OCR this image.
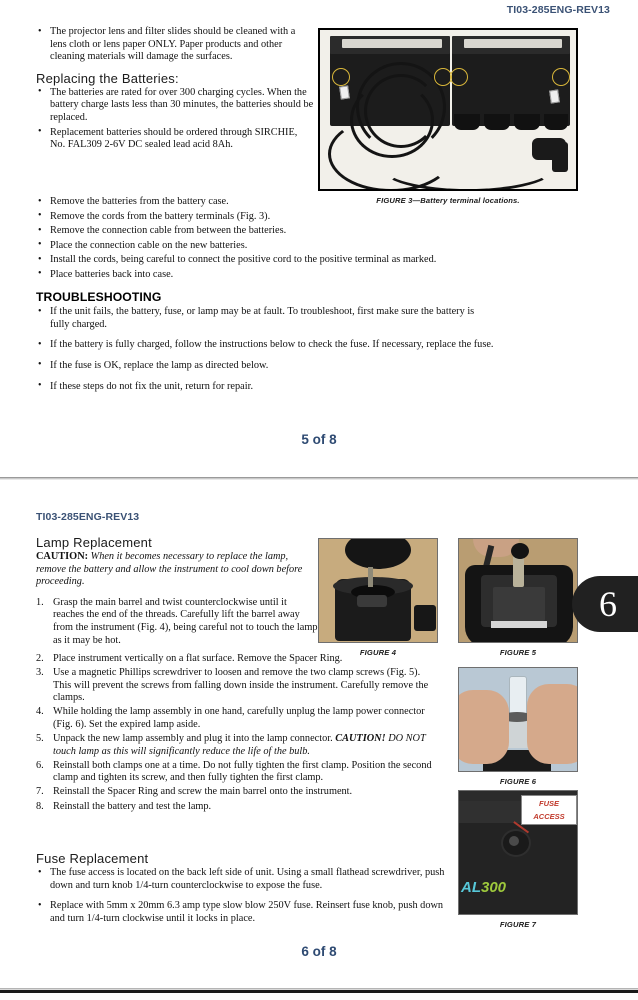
TI03-285ENG-REV13
• The projector lens and filter slides should be cleaned with a lens cloth or lens paper ONLY. Paper products and other cleaning materials will damage the surfaces.
Replacing the Batteries:
• The batteries are rated for over 300 charging cycles. When the battery charge lasts less than 30 minutes, the batteries should be replaced.
• Replacement batteries should be ordered through SIRCHIE, No. FAL309 2-6V DC sealed lead acid 8Ah.
• Remove the batteries from the battery case.
• Remove the cords from the battery terminals (Fig. 3).
• Remove the connection cable from between the batteries.
• Place the connection cable on the new batteries.
• Install the cords, being careful to connect the positive cord to the positive terminal as marked.
• Place batteries back into case.
TROUBLESHOOTING
• If the unit fails, the battery, fuse, or lamp may be at fault. To troubleshoot, first make sure the battery is fully charged.
• If the battery is fully charged, follow the instructions below to check the fuse. If necessary, replace the fuse.
• If the fuse is OK, replace the lamp as directed below.
• If these steps do not fix the unit, return for repair.
FIGURE 3—Battery terminal locations.
5 of 8
TI03-285ENG-REV13
Lamp Replacement
CAUTION: When it becomes necessary to replace the lamp, remove the battery and allow the instrument to cool down before proceeding.
Grasp the main barrel and twist counterclockwise until it reaches the end of the threads. Carefully lift the barrel away from the instrument (Fig. 4), being careful not to touch the lamp as it may be hot.
Place instrument vertically on a flat surface. Remove the Spacer Ring.
Use a magnetic Phillips screwdriver to loosen and remove the two clamp screws (Fig. 5). This will prevent the screws from falling down inside the instrument. Carefully remove the clamps.
While holding the lamp assembly in one hand, carefully unplug the lamp power connector (Fig. 6). Set the expired lamp aside.
Unpack the new lamp assembly and plug it into the lamp connector. CAUTION! DO NOT touch lamp as this will significantly reduce the life of the bulb.
Reinstall both clamps one at a time. Do not fully tighten the first clamp. Position the second clamp and tighten its screw, and then fully tighten the first clamp.
Reinstall the Spacer Ring and screw the main barrel onto the instrument.
Reinstall the battery and test the lamp.
Fuse Replacement
• The fuse access is located on the back left side of unit. Using a small flathead screwdriver, push down and turn knob 1/4-turn counterclockwise to expose the fuse.
• Replace with 5mm x 20mm 6.3 amp type slow blow 250V fuse. Reinsert fuse knob, push down and turn 1/4-turn clockwise until it locks in place.
FIGURE 4	FIGURE 5
FIGURE 6
FUSE
ACCESS
AL300

FIGURE 7
6
6 of 8
